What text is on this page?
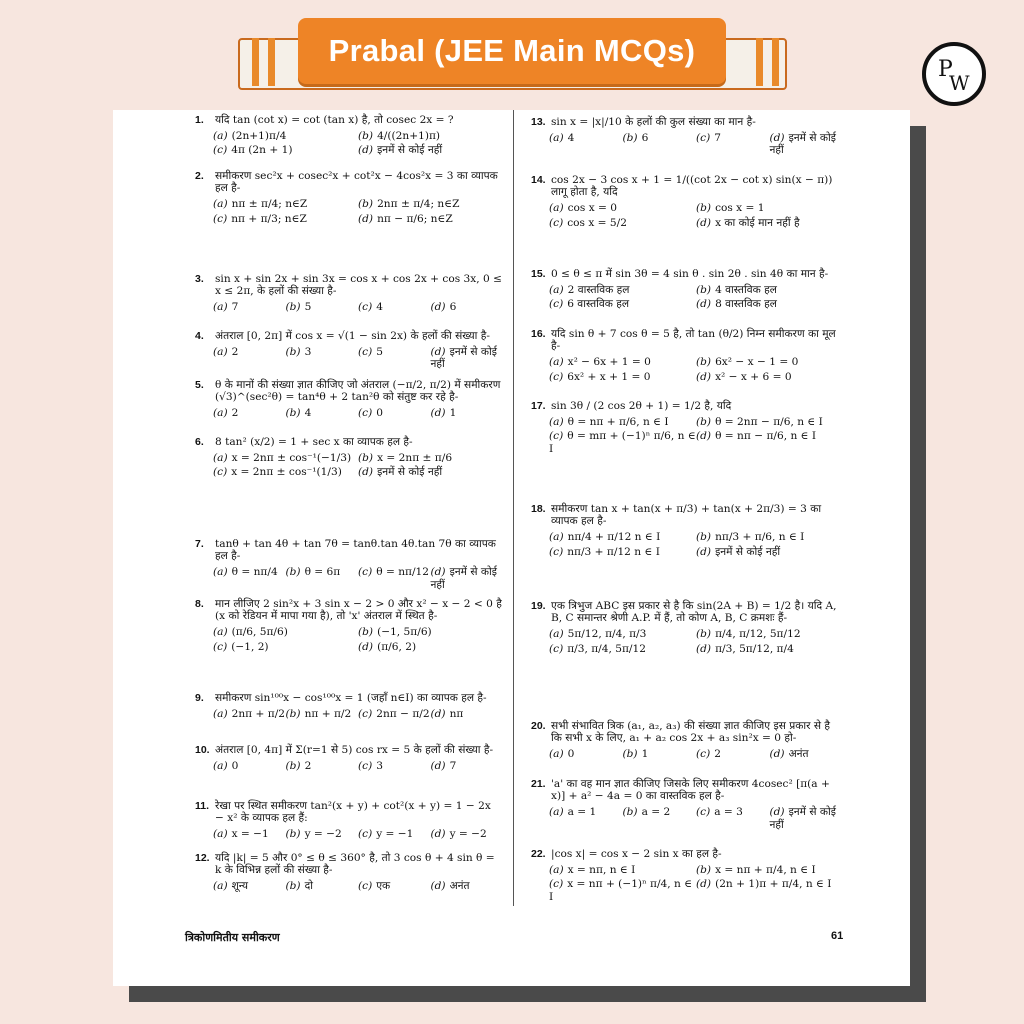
Prabal (JEE Main MCQs)
P
W
1.	यदि tan (cot x) = cot (tan x) है, तो cosec 2x = ?
(a) (2n+1)π/4	(b) 4/((2n+1)π)
(c) 4π (2n + 1)	(d) इनमें से कोई नहीं
2.	समीकरण sec²x + cosec²x + cot²x − 4cos²x = 3 का व्यापक हल है-
(a) nπ ± π/4; n∈Z	(b) 2nπ ± π/4; n∈Z
(c) nπ + π/3; n∈Z	(d) nπ − π/6; n∈Z
3.	sin x + sin 2x + sin 3x = cos x + cos 2x + cos 3x, 0 ≤ x ≤ 2π, के हलों की संख्या है-
(a) 7	(b) 5	(c) 4	(d) 6
4.	अंतराल [0, 2π] में cos x = √(1 − sin 2x) के हलों की संख्या है-
(a) 2	(b) 3	(c) 5	(d) इनमें से कोई नहीं
5.	θ के मानों की संख्या ज्ञात कीजिए जो अंतराल (−π/2, π/2) में समीकरण (√3)^(sec²θ) = tan⁴θ + 2 tan²θ को संतुष्ट कर रहे है-
(a) 2	(b) 4	(c) 0	(d) 1
6.	8 tan² (x/2) = 1 + sec x का व्यापक हल है-
(a) x = 2nπ ± cos⁻¹(−1/3) (b) x = 2nπ ± π/6
(c) x = 2nπ ± cos⁻¹(1/3)	(d) इनमें से कोई नहीं
7.	tanθ + tan 4θ + tan 7θ = tanθ.tan 4θ.tan 7θ का व्यापक हल है-
(a) θ = nπ/4 (b) θ = 6π	(c) θ = nπ/12 (d) इनमें से कोई नहीं
8.	मान लीजिए 2 sin²x + 3 sin x − 2 > 0 और x² − x − 2 < 0 है (x को रेडियन में मापा गया है), तो 'x' अंतराल में स्थित है-
(a) (π/6, 5π/6)	(b) (−1, 5π/6)
(c) (−1, 2)	(d) (π/6, 2)
9.	समीकरण sin¹⁰⁰x − cos¹⁰⁰x = 1 (जहाँ n∈I) का व्यापक हल है-
(a) 2nπ + π/2 (b) nπ + π/2 (c) 2nπ − π/2 (d) nπ
10. अंतराल [0, 4π] में Σ(r=1 से 5) cos rx = 5 के हलों की संख्या है-
(a) 0	(b) 2	(c) 3	(d) 7
11. रेखा पर स्थित समीकरण tan²(x + y) + cot²(x + y) = 1 − 2x − x² के व्यापक हल हैं:
(a) x = −1	(b) y = −2	(c) y = −1	(d) y = −2
12. यदि |k| = 5 और 0° ≤ θ ≤ 360° है, तो 3 cos θ + 4 sin θ = k के विभिन्न हलों की संख्या है-
(a) शून्य	(b) दो	(c) एक	(d) अनंत
13. sin x = |x|/10 के हलों की कुल संख्या का मान है-
(a) 4	(b) 6	(c) 7	(d) इनमें से कोई नहीं
14. cos 2x − 3 cos x + 1 = 1/((cot 2x − cot x) sin(x − π)) लागू होता है, यदि
(a) cos x = 0	(b) cos x = 1
(c) cos x = 5/2	(d) x का कोई मान नहीं है
15. 0 ≤ θ ≤ π में sin 3θ = 4 sin θ . sin 2θ . sin 4θ का मान है-
(a) 2 वास्तविक हल	(b) 4 वास्तविक हल
(c) 6 वास्तविक हल	(d) 8 वास्तविक हल
16. यदि sin θ + 7 cos θ = 5 है, तो tan (θ/2) निम्न समीकरण का मूल है-
(a) x² − 6x + 1 = 0	(b) 6x² − x − 1 = 0
(c) 6x² + x + 1 = 0	(d) x² − x + 6 = 0
17. sin 3θ / (2 cos 2θ + 1) = 1/2 है, यदि
(a) θ = nπ + π/6, n ∈ I	(b) θ = 2nπ − π/6, n ∈ I
(c) θ = mπ + (−1)ⁿ π/6, n ∈ I
(d) θ = nπ − π/6, n ∈ I
18. समीकरण tan x + tan(x + π/3) + tan(x + 2π/3) = 3 का व्यापक हल है-
(a) nπ/4 + π/12 n ∈ I	(b) nπ/3 + π/6, n ∈ I
(c) nπ/3 + π/12 n ∈ I	(d) इनमें से कोई नहीं
19. एक त्रिभुज ABC इस प्रकार से है कि sin(2A + B) = 1/2 है। यदि A, B, C समान्तर श्रेणी A.P. में हैं, तो कोण A, B, C क्रमशः हैं-
(a) 5π/12, π/4, π/3	(b) π/4, π/12, 5π/12
(c) π/3, π/4, 5π/12	(d) π/3, 5π/12, π/4
20. सभी संभावित त्रिक (a₁, a₂, a₃) की संख्या ज्ञात कीजिए इस प्रकार से है कि सभी x के लिए, a₁ + a₂ cos 2x + a₃ sin²x = 0 हो-
(a) 0	(b) 1	(c) 2	(d) अनंत
21. 'a' का वह मान ज्ञात कीजिए जिसके लिए समीकरण 4cosec² [π(a + x)] + a² − 4a = 0 का वास्तविक हल है-
(a) a = 1	(b) a = 2	(c) a = 3	(d) इनमें से कोई नहीं
22. |cos x| = cos x − 2 sin x का हल है-
(a) x = nπ, n ∈ I	(b) x = nπ + π/4, n ∈ I
(c) x = nπ + (−1)ⁿ π/4, n ∈ I
(d) (2n + 1)π + π/4, n ∈ I
त्रिकोणमितीय समीकरण	61
